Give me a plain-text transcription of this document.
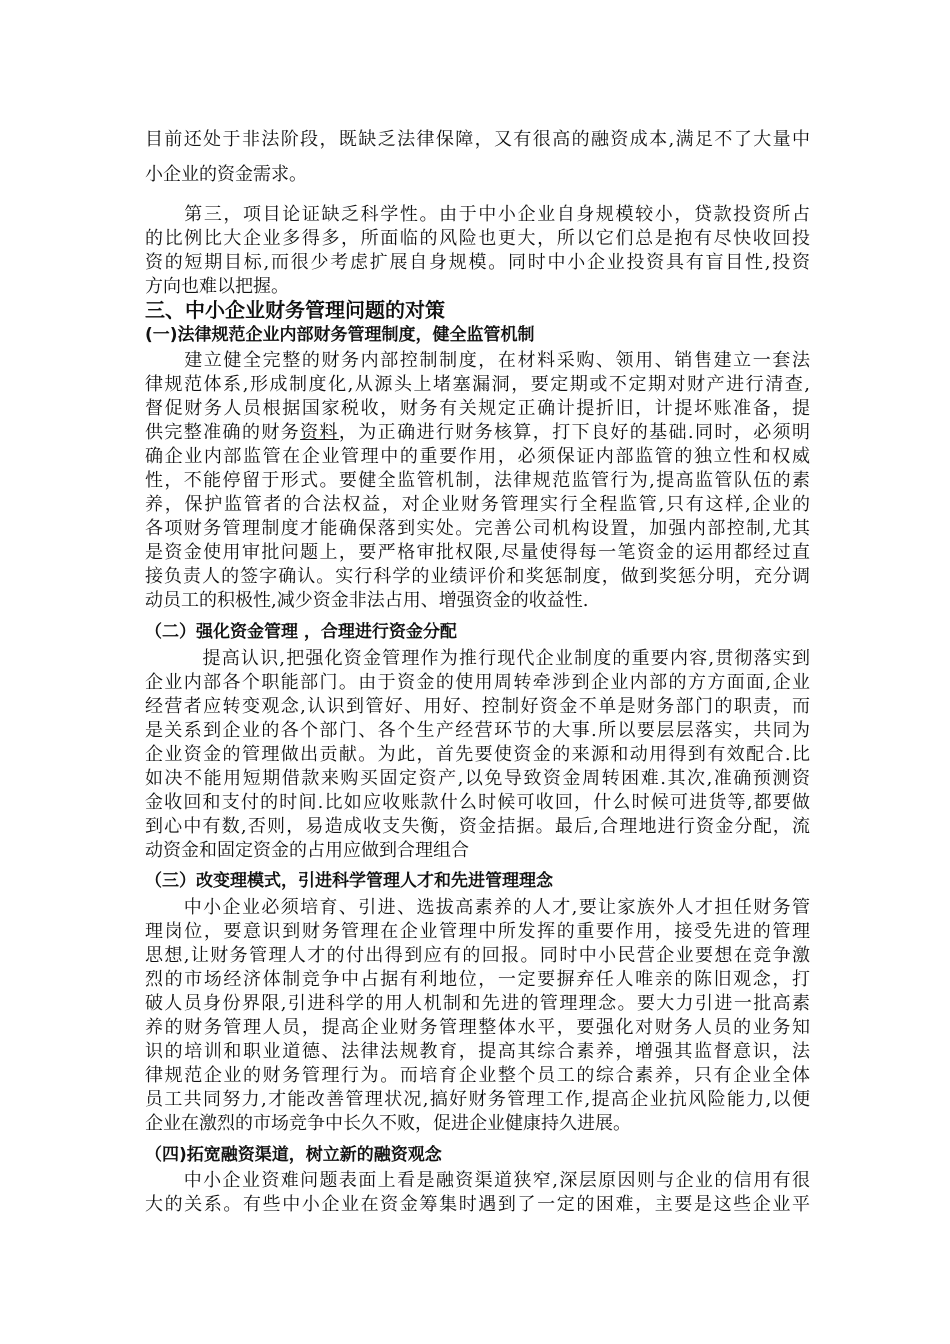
目前还处于非法阶段，既缺乏法律保障，又有很高的融资成本,满足不了大量中
小企业的资金需求。
　　第三，项目论证缺乏科学性。由于中小企业自身规模较小，贷款投资所占
的比例比大企业多得多，所面临的风险也更大，所以它们总是抱有尽快收回投
资的短期目标,而很少考虑扩展自身规模。同时中小企业投资具有盲目性,投资
方向也难以把握。
三、中小企业财务管理问题的对策
(一)法律规范企业内部财务管理制度，健全监管机制
　　建立健全完整的财务内部控制制度，在材料采购、领用、销售建立一套法
律规范体系,形成制度化,从源头上堵塞漏洞，要定期或不定期对财产进行清查,
督促财务人员根据国家税收，财务有关规定正确计提折旧，计提坏账准备，提
供完整准确的财务资料，为正确进行财务核算，打下良好的基础.同时，必须明
确企业内部监管在企业管理中的重要作用，必须保证内部监管的独立性和权威
性，不能停留于形式。要健全监管机制，法律规范监管行为,提高监管队伍的素
养，保护监管者的合法权益，对企业财务管理实行全程监管,只有这样,企业的
各项财务管理制度才能确保落到实处。完善公司机构设置，加强内部控制,尤其
是资金使用审批问题上，要严格审批权限,尽量使得每一笔资金的运用都经过直
接负责人的签字确认。实行科学的业绩评价和奖惩制度，做到奖惩分明，充分调
动员工的积极性,减少资金非法占用、增强资金的收益性.
（二）强化资金管理 ，合理进行资金分配
　　　提高认识,把强化资金管理作为推行现代企业制度的重要内容,贯彻落实到
企业内部各个职能部门。由于资金的使用周转牵涉到企业内部的方方面面,企业
经营者应转变观念,认识到管好、用好、控制好资金不单是财务部门的职责，而
是关系到企业的各个部门、各个生产经营环节的大事.所以要层层落实，共同为
企业资金的管理做出贡献。为此，首先要使资金的来源和动用得到有效配合.比
如决不能用短期借款来购买固定资产,以免导致资金周转困难.其次,准确预测资
金收回和支付的时间.比如应收账款什么时候可收回，什么时候可进货等,都要做
到心中有数,否则，易造成收支失衡，资金拮据。最后,合理地进行资金分配，流
动资金和固定资金的占用应做到合理组合
（三）改变理模式，引进科学管理人才和先进管理理念
　　中小企业必须培育、引进、选拔高素养的人才,要让家族外人才担任财务管
理岗位，要意识到财务管理在企业管理中所发挥的重要作用，接受先进的管理
思想,让财务管理人才的付出得到应有的回报。同时中小民营企业要想在竞争激
烈的市场经济体制竞争中占据有利地位，一定要摒弃任人唯亲的陈旧观念，打
破人员身份界限,引进科学的用人机制和先进的管理理念。要大力引进一批高素
养的财务管理人员，提高企业财务管理整体水平，要强化对财务人员的业务知
识的培训和职业道德、法律法规教育，提高其综合素养，增强其监督意识，法
律规范企业的财务管理行为。而培育企业整个员工的综合素养，只有企业全体
员工共同努力,才能改善管理状况,搞好财务管理工作,提高企业抗风险能力,以便
企业在激烈的市场竞争中长久不败，促进企业健康持久进展。
（四)拓宽融资渠道，树立新的融资观念
　　中小企业资难问题表面上看是融资渠道狭窄,深层原因则与企业的信用有很
大的关系。有些中小企业在资金筹集时遇到了一定的困难，主要是这些企业平
